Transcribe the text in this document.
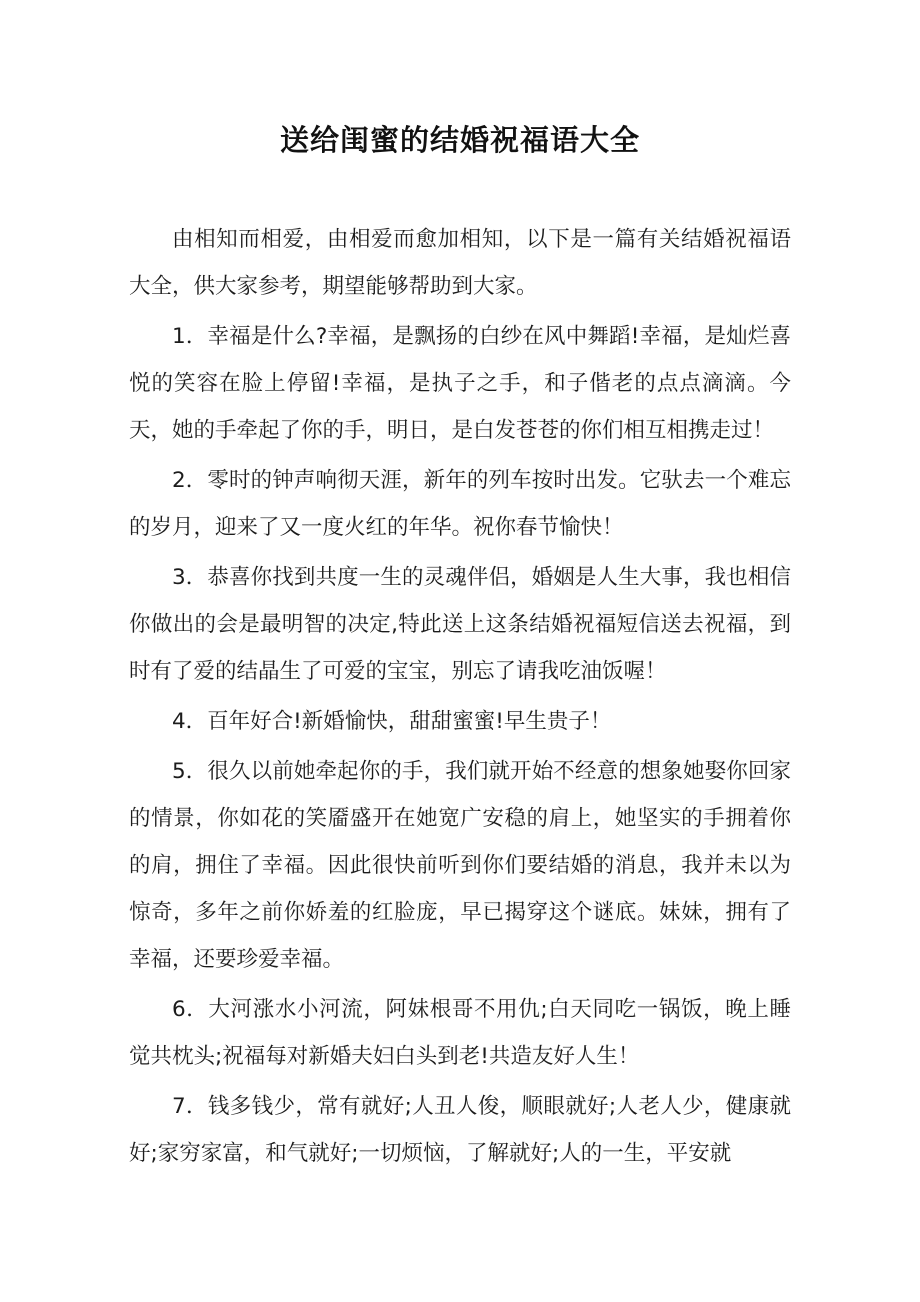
送给闺蜜的结婚祝福语大全

由相知而相爱，由相爱而愈加相知，以下是一篇有关结婚祝福语大全，供大家参考，期望能够帮助到大家。

1．幸福是什么?幸福，是飘扬的白纱在风中舞蹈!幸福，是灿烂喜悦的笑容在脸上停留!幸福，是执子之手，和子偕老的点点滴滴。今天，她的手牵起了你的手，明日，是白发苍苍的你们相互相携走过！

2．零时的钟声响彻天涯，新年的列车按时出发。它驮去一个难忘的岁月，迎来了又一度火红的年华。祝你春节愉快！

3．恭喜你找到共度一生的灵魂伴侣，婚姻是人生大事，我也相信你做出的会是最明智的决定,特此送上这条结婚祝福短信送去祝福，到时有了爱的结晶生了可爱的宝宝，别忘了请我吃油饭喔！

4．百年好合!新婚愉快，甜甜蜜蜜!早生贵子！

5．很久以前她牵起你的手，我们就开始不经意的想象她娶你回家的情景，你如花的笑靥盛开在她宽广安稳的肩上，她坚实的手拥着你的肩，拥住了幸福。因此很快前听到你们要结婚的消息，我并未以为惊奇，多年之前你娇羞的红脸庞，早已揭穿这个谜底。妹妹，拥有了幸福，还要珍爱幸福。

6．大河涨水小河流，阿妹根哥不用仇;白天同吃一锅饭，晚上睡觉共枕头;祝福每对新婚夫妇白头到老!共造友好人生！

7．钱多钱少，常有就好;人丑人俊，顺眼就好;人老人少，健康就好;家穷家富，和气就好;一切烦恼，了解就好;人的一生，平安就
